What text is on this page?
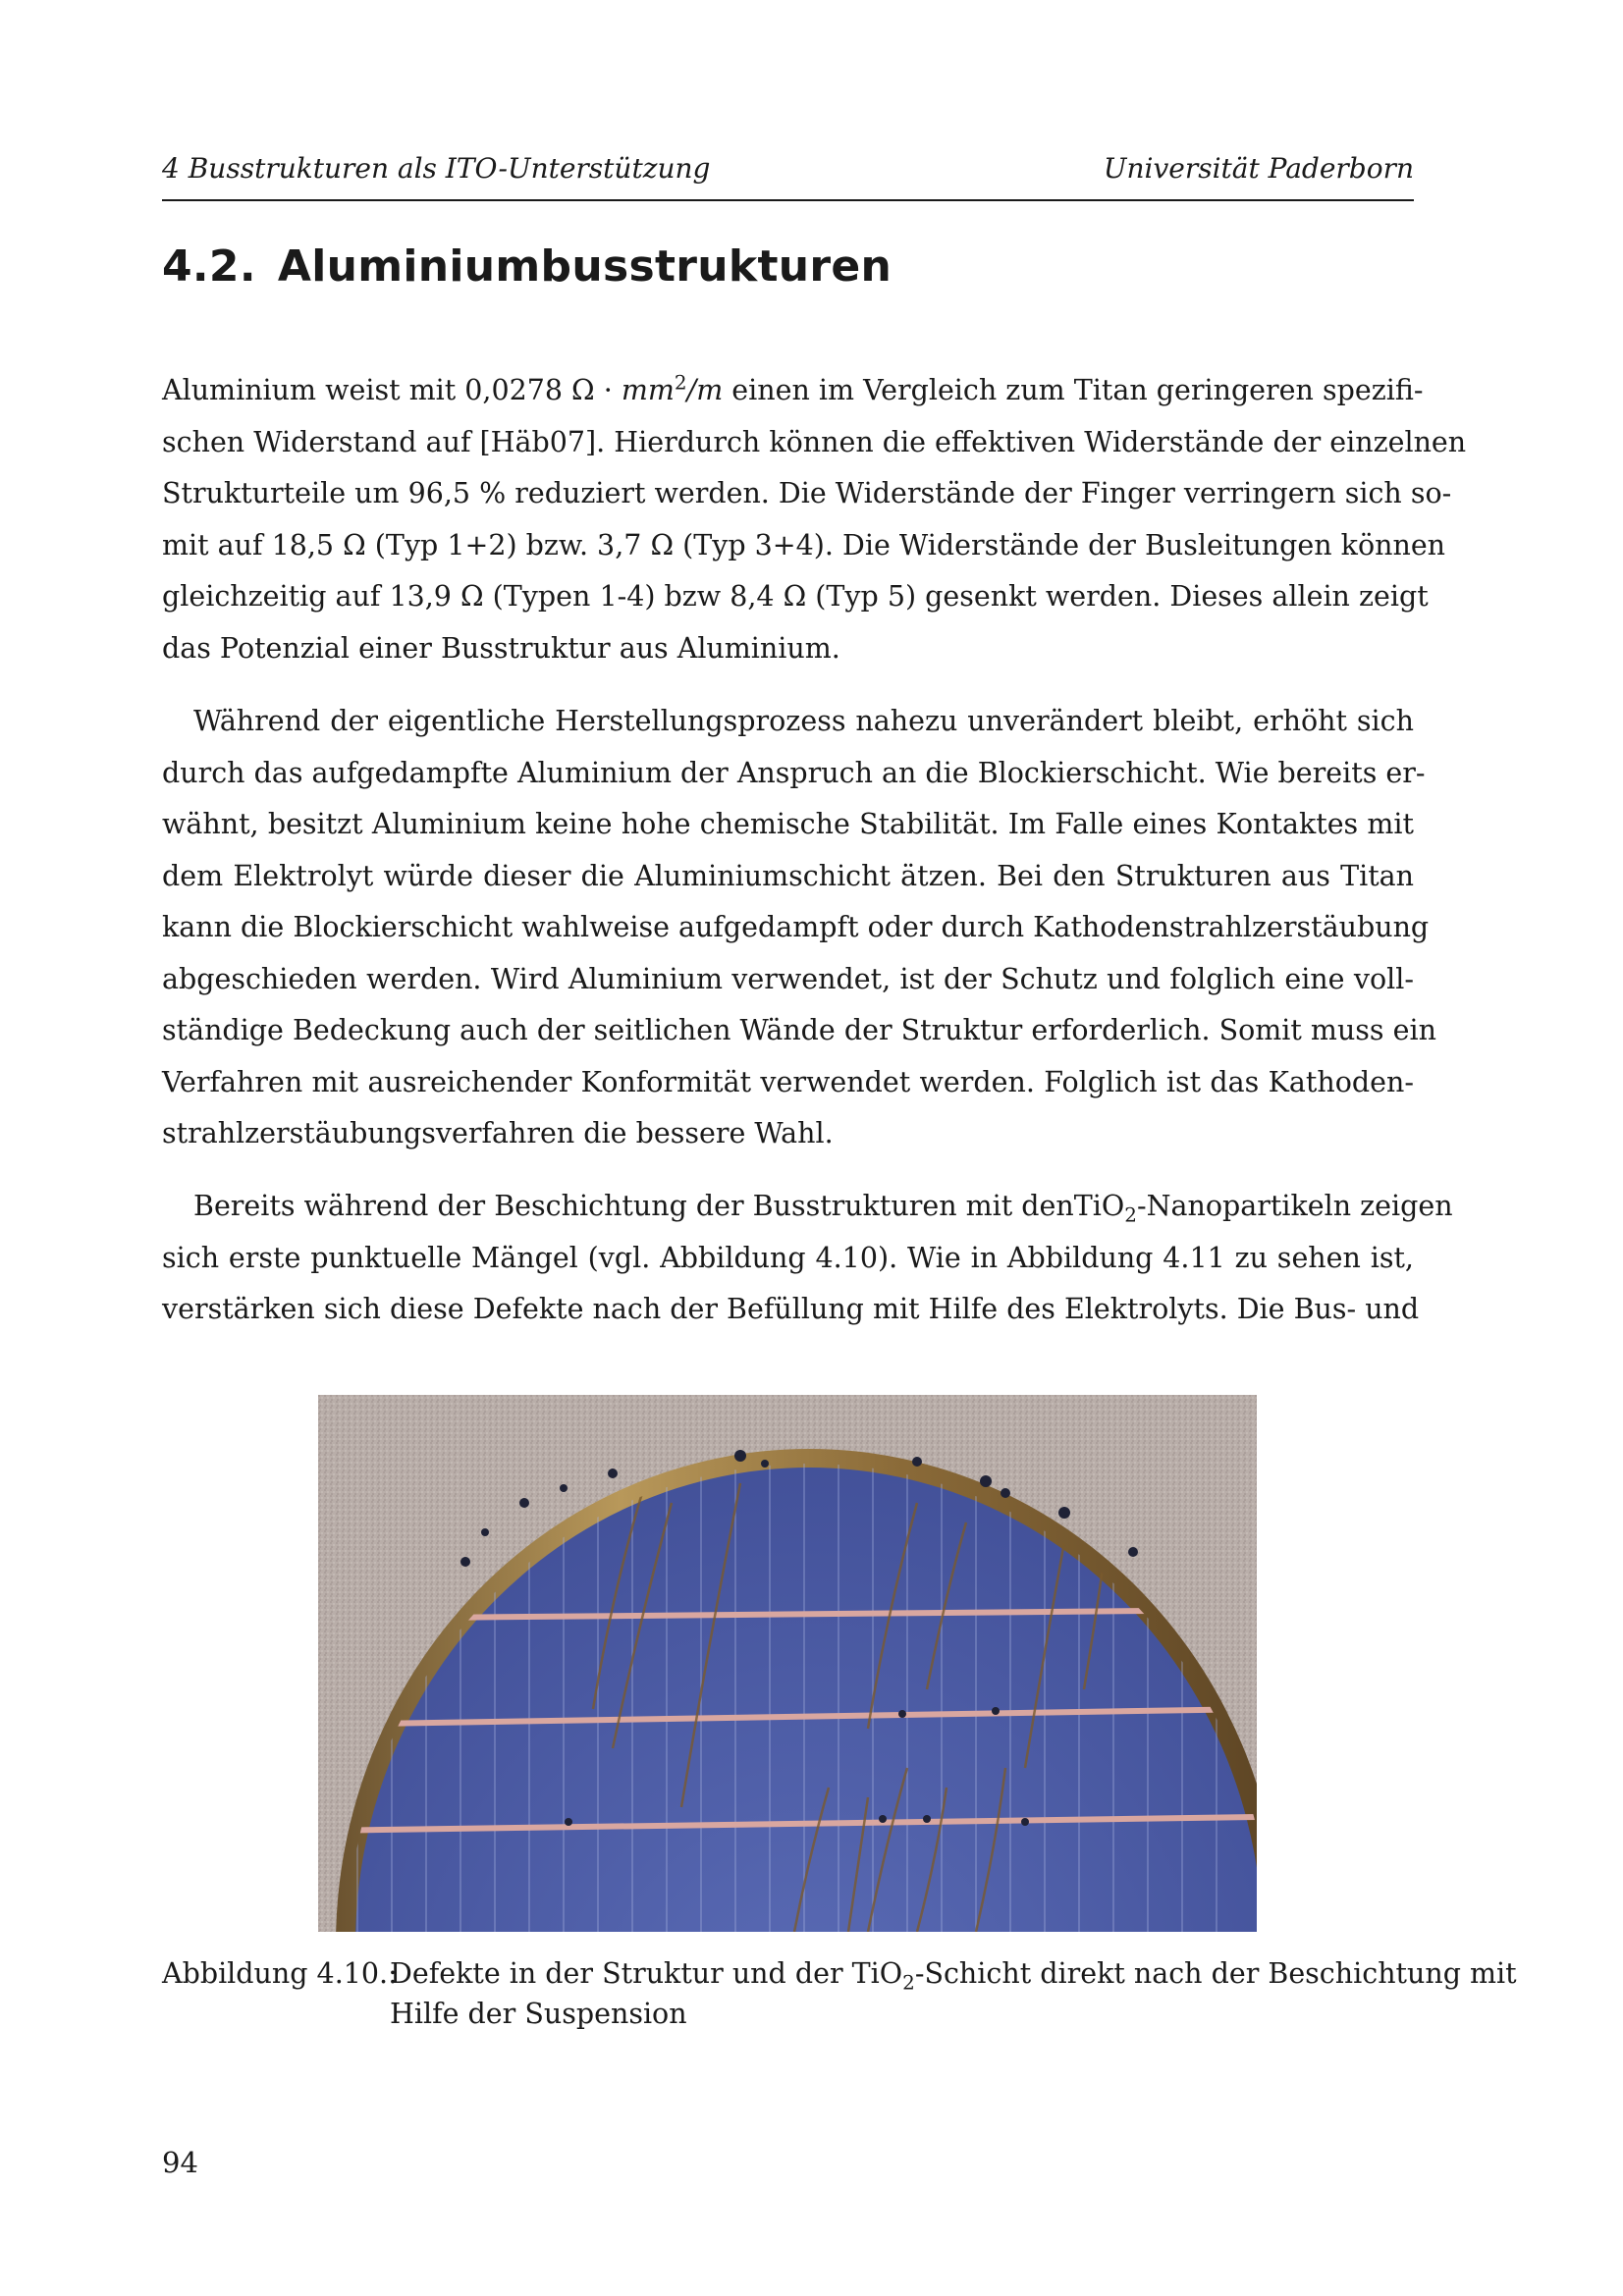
4 Busstrukturen als ITO-Unterstützung	Universität Paderborn
4.2. Aluminiumbusstrukturen
Aluminium weist mit 0,0278 $\Omega \cdot mm^2/m$ einen im Vergleich zum Titan geringeren spezifi-
schen Widerstand auf [Häb07]. Hierdurch können die effektiven Widerstände der einzelnen
Strukturteile um 96,5 % reduziert werden. Die Widerstände der Finger verringern sich so-
mit auf 18,5 Ω (Typ 1+2) bzw. 3,7 Ω (Typ 3+4). Die Widerstände der Busleitungen können
gleichzeitig auf 13,9 Ω (Typen 1-4) bzw 8,4 Ω (Typ 5) gesenkt werden. Dieses allein zeigt
das Potenzial einer Busstruktur aus Aluminium.
Während der eigentliche Herstellungsprozess nahezu unverändert bleibt, erhöht sich
durch das aufgedampfte Aluminium der Anspruch an die Blockierschicht. Wie bereits er-
wähnt, besitzt Aluminium keine hohe chemische Stabilität. Im Falle eines Kontaktes mit
dem Elektrolyt würde dieser die Aluminiumschicht ätzen. Bei den Strukturen aus Titan
kann die Blockierschicht wahlweise aufgedampft oder durch Kathodenstrahlzerstäubung
abgeschieden werden. Wird Aluminium verwendet, ist der Schutz und folglich eine voll-
ständige Bedeckung auch der seitlichen Wände der Struktur erforderlich. Somit muss ein
Verfahren mit ausreichender Konformität verwendet werden. Folglich ist das Kathoden-
strahlzerstäubungsverfahren die bessere Wahl.
Bereits während der Beschichtung der Busstrukturen mit denTiO$_2$-Nanopartikeln zeigen
sich erste punktuelle Mängel (vgl. Abbildung 4.10). Wie in Abbildung 4.11 zu sehen ist,
verstärken sich diese Defekte nach der Befüllung mit Hilfe des Elektrolyts. Die Bus- und
Abbildung 4.10.:
Defekte in der Struktur und der TiO$_2$-Schicht direkt nach der Beschichtung mit
Hilfe der Suspension
94
